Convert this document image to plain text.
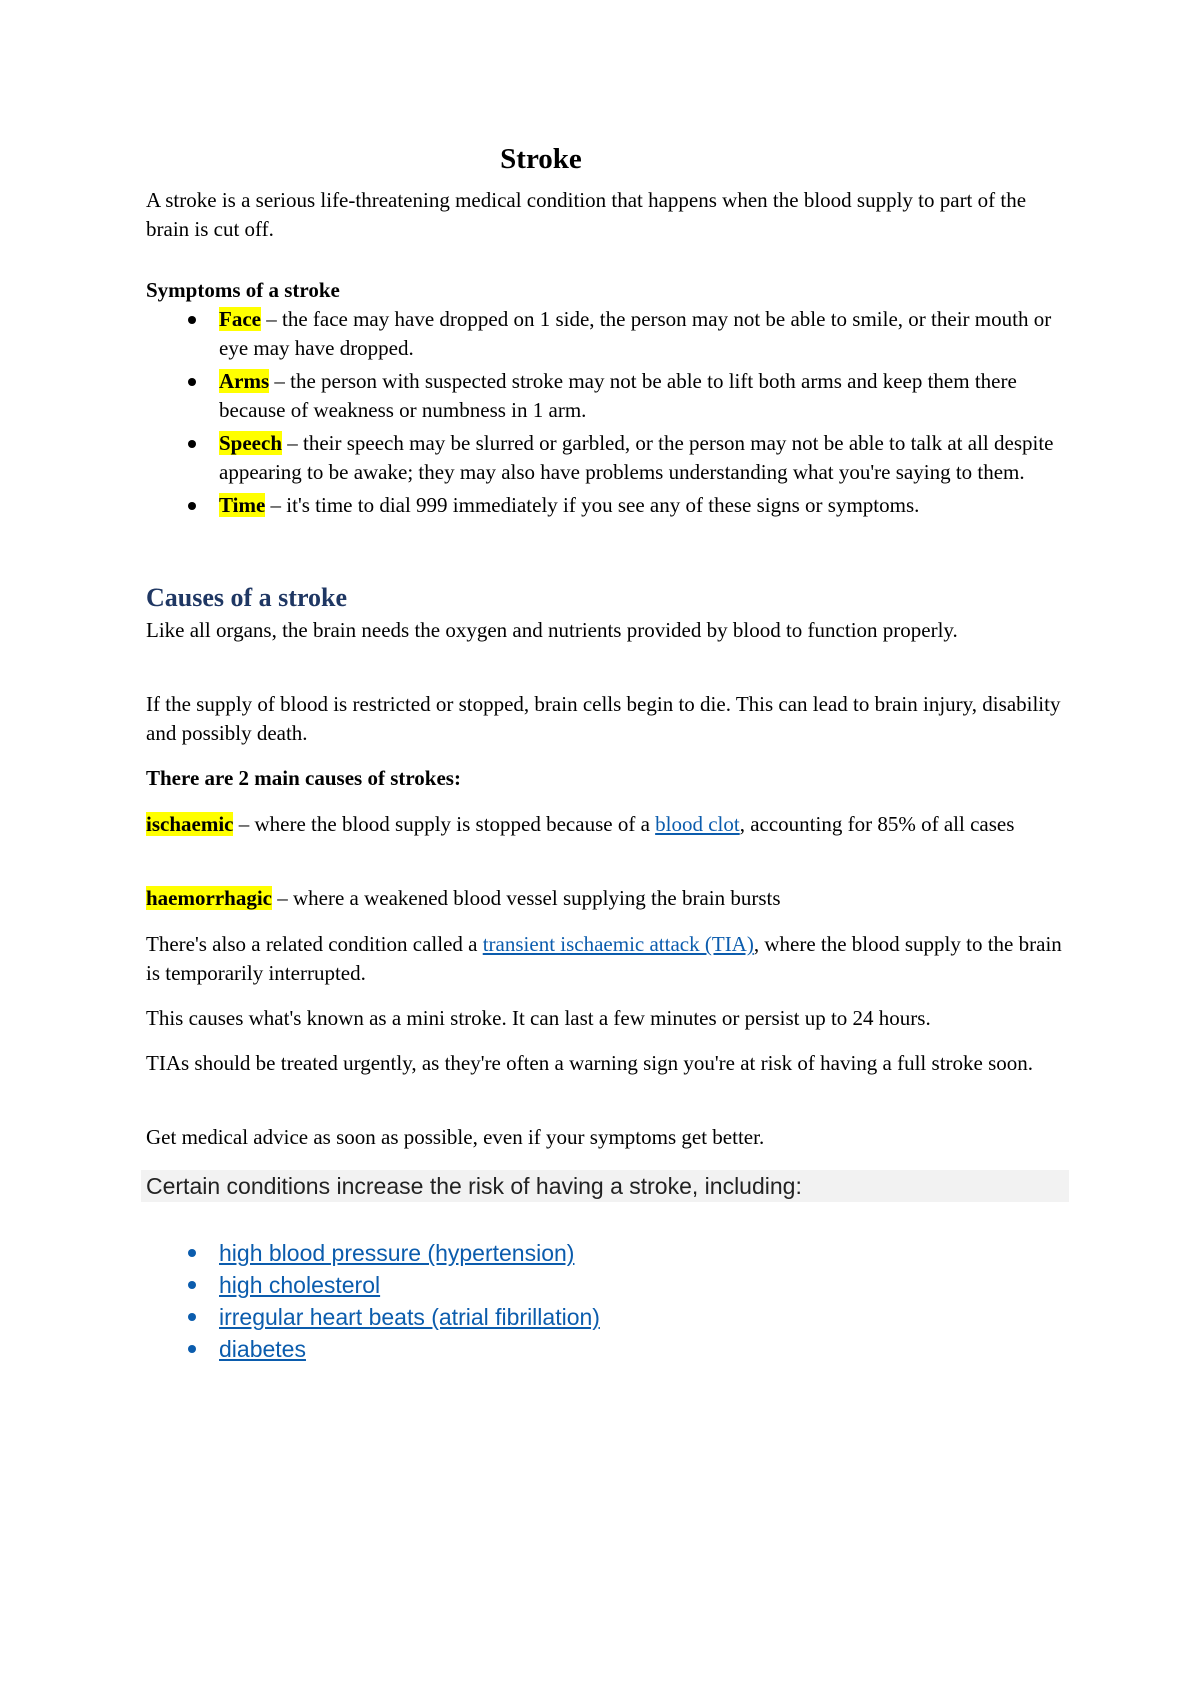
Stroke

A stroke is a serious life-threatening medical condition that happens when the blood supply to part of the brain is cut off.

Symptoms of a stroke

Face – the face may have dropped on 1 side, the person may not be able to smile, or their mouth or eye may have dropped.
Arms – the person with suspected stroke may not be able to lift both arms and keep them there because of weakness or numbness in 1 arm.
Speech – their speech may be slurred or garbled, or the person may not be able to talk at all despite appearing to be awake; they may also have problems understanding what you're saying to them.
Time – it's time to dial 999 immediately if you see any of these signs or symptoms.
Causes of a stroke

Like all organs, the brain needs the oxygen and nutrients provided by blood to function properly.

If the supply of blood is restricted or stopped, brain cells begin to die. This can lead to brain injury, disability and possibly death.

There are 2 main causes of strokes:

ischaemic – where the blood supply is stopped because of a blood clot, accounting for 85% of all cases

haemorrhagic – where a weakened blood vessel supplying the brain bursts

There's also a related condition called a transient ischaemic attack (TIA), where the blood supply to the brain is temporarily interrupted.

This causes what's known as a mini stroke. It can last a few minutes or persist up to 24 hours.

TIAs should be treated urgently, as they're often a warning sign you're at risk of having a full stroke soon.

Get medical advice as soon as possible, even if your symptoms get better.

Certain conditions increase the risk of having a stroke, including:
high blood pressure (hypertension)
high cholesterol
irregular heart beats (atrial fibrillation)
diabetes
